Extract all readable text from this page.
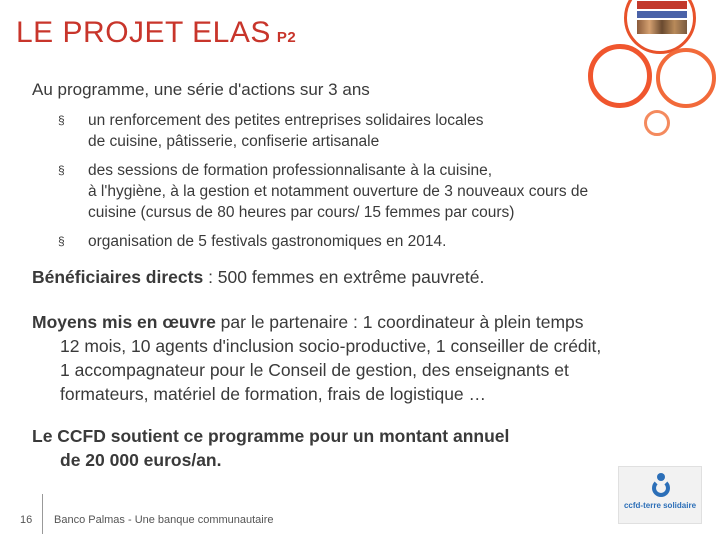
LE PROJET ELAS P2
Au programme, une série d'actions sur 3 ans
§ un renforcement des petites entreprises solidaires locales
de cuisine, pâtisserie, confiserie artisanale
§ des sessions de formation professionnalisante à la cuisine,
à l'hygiène, à la gestion et notamment ouverture de 3 nouveaux cours de
cuisine (cursus de 80 heures par cours/ 15 femmes par cours)
§ organisation de 5 festivals gastronomiques en 2014.
Bénéficiaires directs : 500 femmes en extrême pauvreté.
Moyens mis en œuvre par le partenaire : 1 coordinateur à plein temps
12 mois, 10 agents d'inclusion socio-productive, 1 conseiller de crédit,
1 accompagnateur pour le Conseil de gestion, des enseignants et
formateurs, matériel de formation, frais de logistique …
Le CCFD soutient ce programme pour un montant annuel
de 20 000 euros/an.
16 Banco Palmas - Une banque communautaire
ccfd-terre solidaire
